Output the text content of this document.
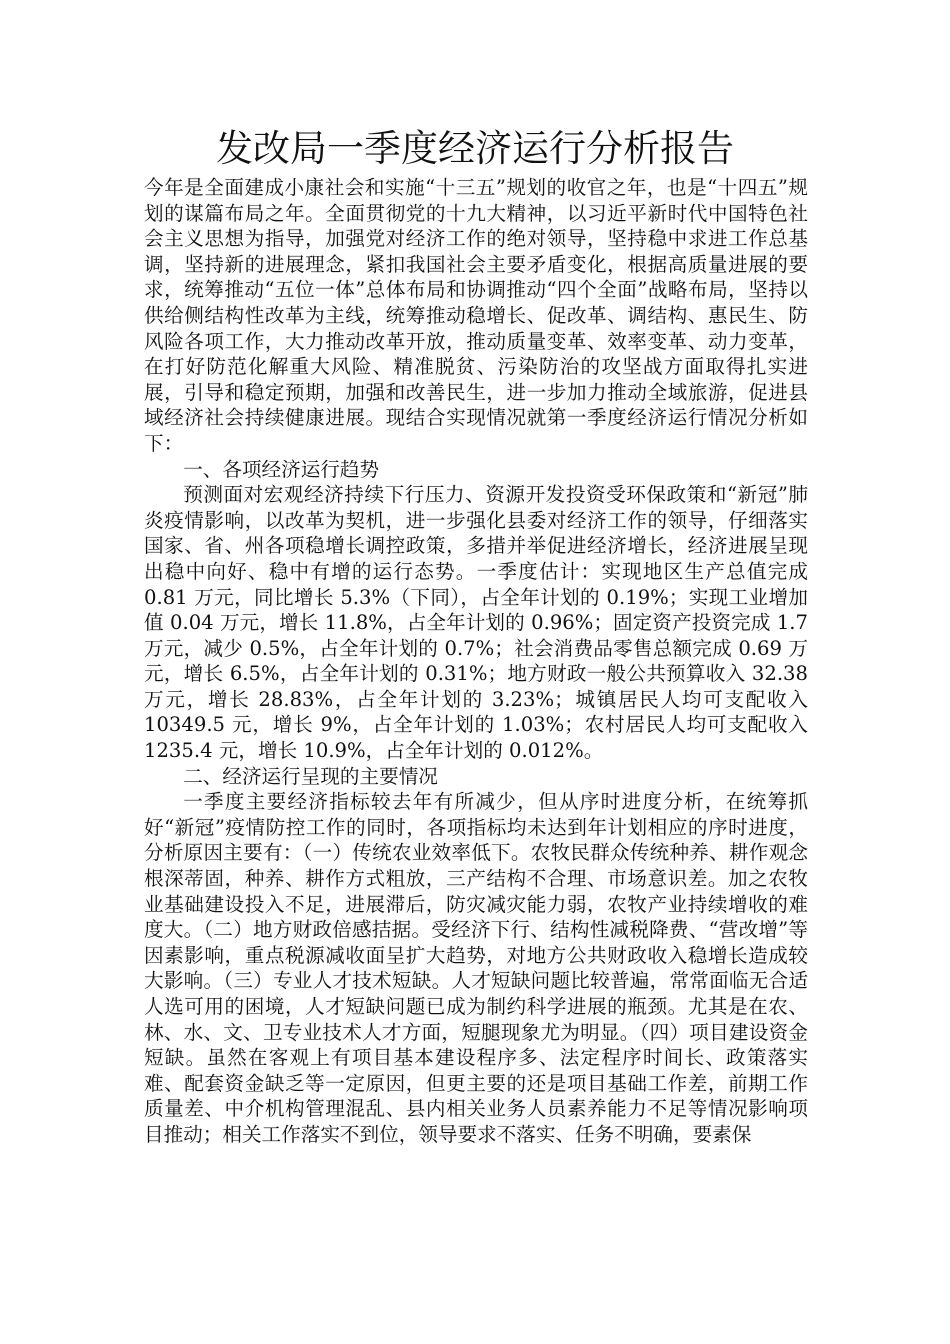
发改局一季度经济运行分析报告

今年是全面建成小康社会和实施“十三五”规划的收官之年，也是“十四五”规划的谋篇布局之年。全面贯彻党的十九大精神，以习近平新时代中国特色社会主义思想为指导，加强党对经济工作的绝对领导，坚持稳中求进工作总基调，坚持新的进展理念，紧扣我国社会主要矛盾变化，根据高质量进展的要求，统筹推动“五位一体”总体布局和协调推动“四个全面”战略布局，坚持以供给侧结构性改革为主线，统筹推动稳增长、促改革、调结构、惠民生、防风险各项工作，大力推动改革开放，推动质量变革、效率变革、动力变革，在打好防范化解重大风险、精准脱贫、污染防治的攻坚战方面取得扎实进展，引导和稳定预期，加强和改善民生，进一步加力推动全域旅游，促进县域经济社会持续健康进展。现结合实现情况就第一季度经济运行情况分析如下：

一、各项经济运行趋势

预测面对宏观经济持续下行压力、资源开发投资受环保政策和“新冠”肺炎疫情影响，以改革为契机，进一步强化县委对经济工作的领导，仔细落实国家、省、州各项稳增长调控政策，多措并举促进经济增长，经济进展呈现出稳中向好、稳中有增的运行态势。一季度估计：实现地区生产总值完成 0.81 万元，同比增长 5.3%（下同），占全年计划的 0.19%；实现工业增加值 0.04 万元，增长 11.8%，占全年计划的 0.96%；固定资产投资完成 1.7 万元，减少 0.5%，占全年计划的 0.7%；社会消费品零售总额完成 0.69 万元，增长 6.5%，占全年计划的 0.31%；地方财政一般公共预算收入 32.38 万元，增长 28.83%，占全年计划的 3.23%；城镇居民人均可支配收入 10349.5 元，增长 9%，占全年计划的 1.03%；农村居民人均可支配收入 1235.4 元，增长 10.9%，占全年计划的 0.012%。

二、经济运行呈现的主要情况

一季度主要经济指标较去年有所减少，但从序时进度分析，在统筹抓好“新冠”疫情防控工作的同时，各项指标均未达到年计划相应的序时进度，分析原因主要有：（一）传统农业效率低下。农牧民群众传统种养、耕作观念根深蒂固，种养、耕作方式粗放，三产结构不合理、市场意识差。加之农牧业基础建设投入不足，进展滞后，防灾减灾能力弱，农牧产业持续增收的难度大。（二）地方财政倍感拮据。受经济下行、结构性减税降费、“营改增”等因素影响，重点税源减收面呈扩大趋势，对地方公共财政收入稳增长造成较大影响。（三）专业人才技术短缺。人才短缺问题比较普遍，常常面临无合适人选可用的困境，人才短缺问题已成为制约科学进展的瓶颈。尤其是在农、林、水、文、卫专业技术人才方面，短腿现象尤为明显。（四）项目建设资金短缺。虽然在客观上有项目基本建设程序多、法定程序时间长、政策落实难、配套资金缺乏等一定原因，但更主要的还是项目基础工作差，前期工作质量差、中介机构管理混乱、县内相关业务人员素养能力不足等情况影响项目推动；相关工作落实不到位，领导要求不落实、任务不明确，要素保
